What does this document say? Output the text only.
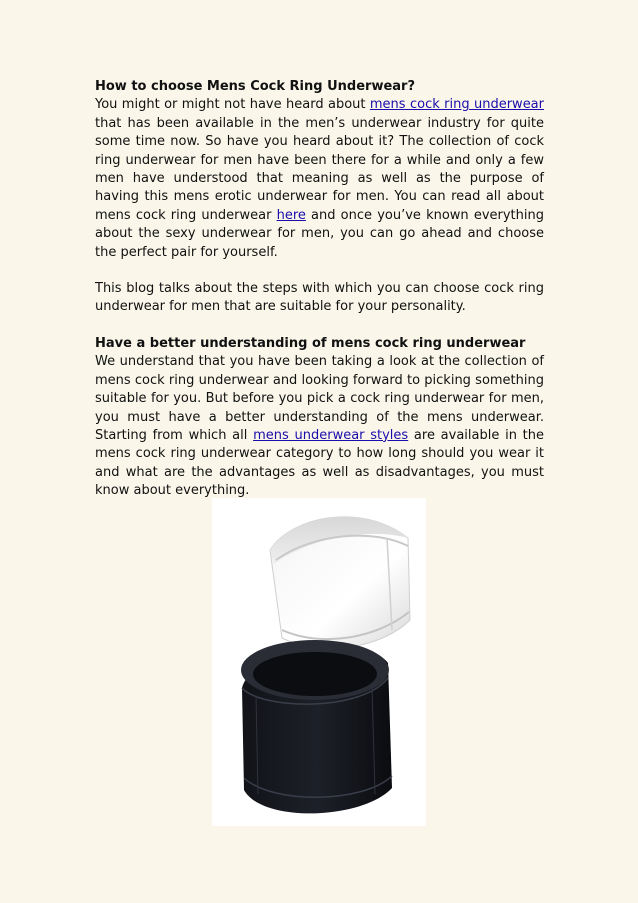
How to choose Mens Cock Ring Underwear?

You might or might not have heard about mens cock ring underwear that has been available in the men’s underwear industry for quite some time now. So have you heard about it? The collection of cock ring underwear for men have been there for a while and only a few men have understood that meaning as well as the purpose of having this mens erotic underwear for men. You can read all about mens cock ring underwear here and once you’ve known everything about the sexy underwear for men, you can go ahead and choose the perfect pair for yourself.

This blog talks about the steps with which you can choose cock ring underwear for men that are suitable for your personality.

Have a better understanding of mens cock ring underwear

We understand that you have been taking a look at the collection of mens cock ring underwear and looking forward to picking something suitable for you. But before you pick a cock ring underwear for men, you must have a better understanding of the mens underwear. Starting from which all mens underwear styles are available in the mens cock ring underwear category to how long should you wear it and what are the advantages as well as disadvantages, you must know about everything.
